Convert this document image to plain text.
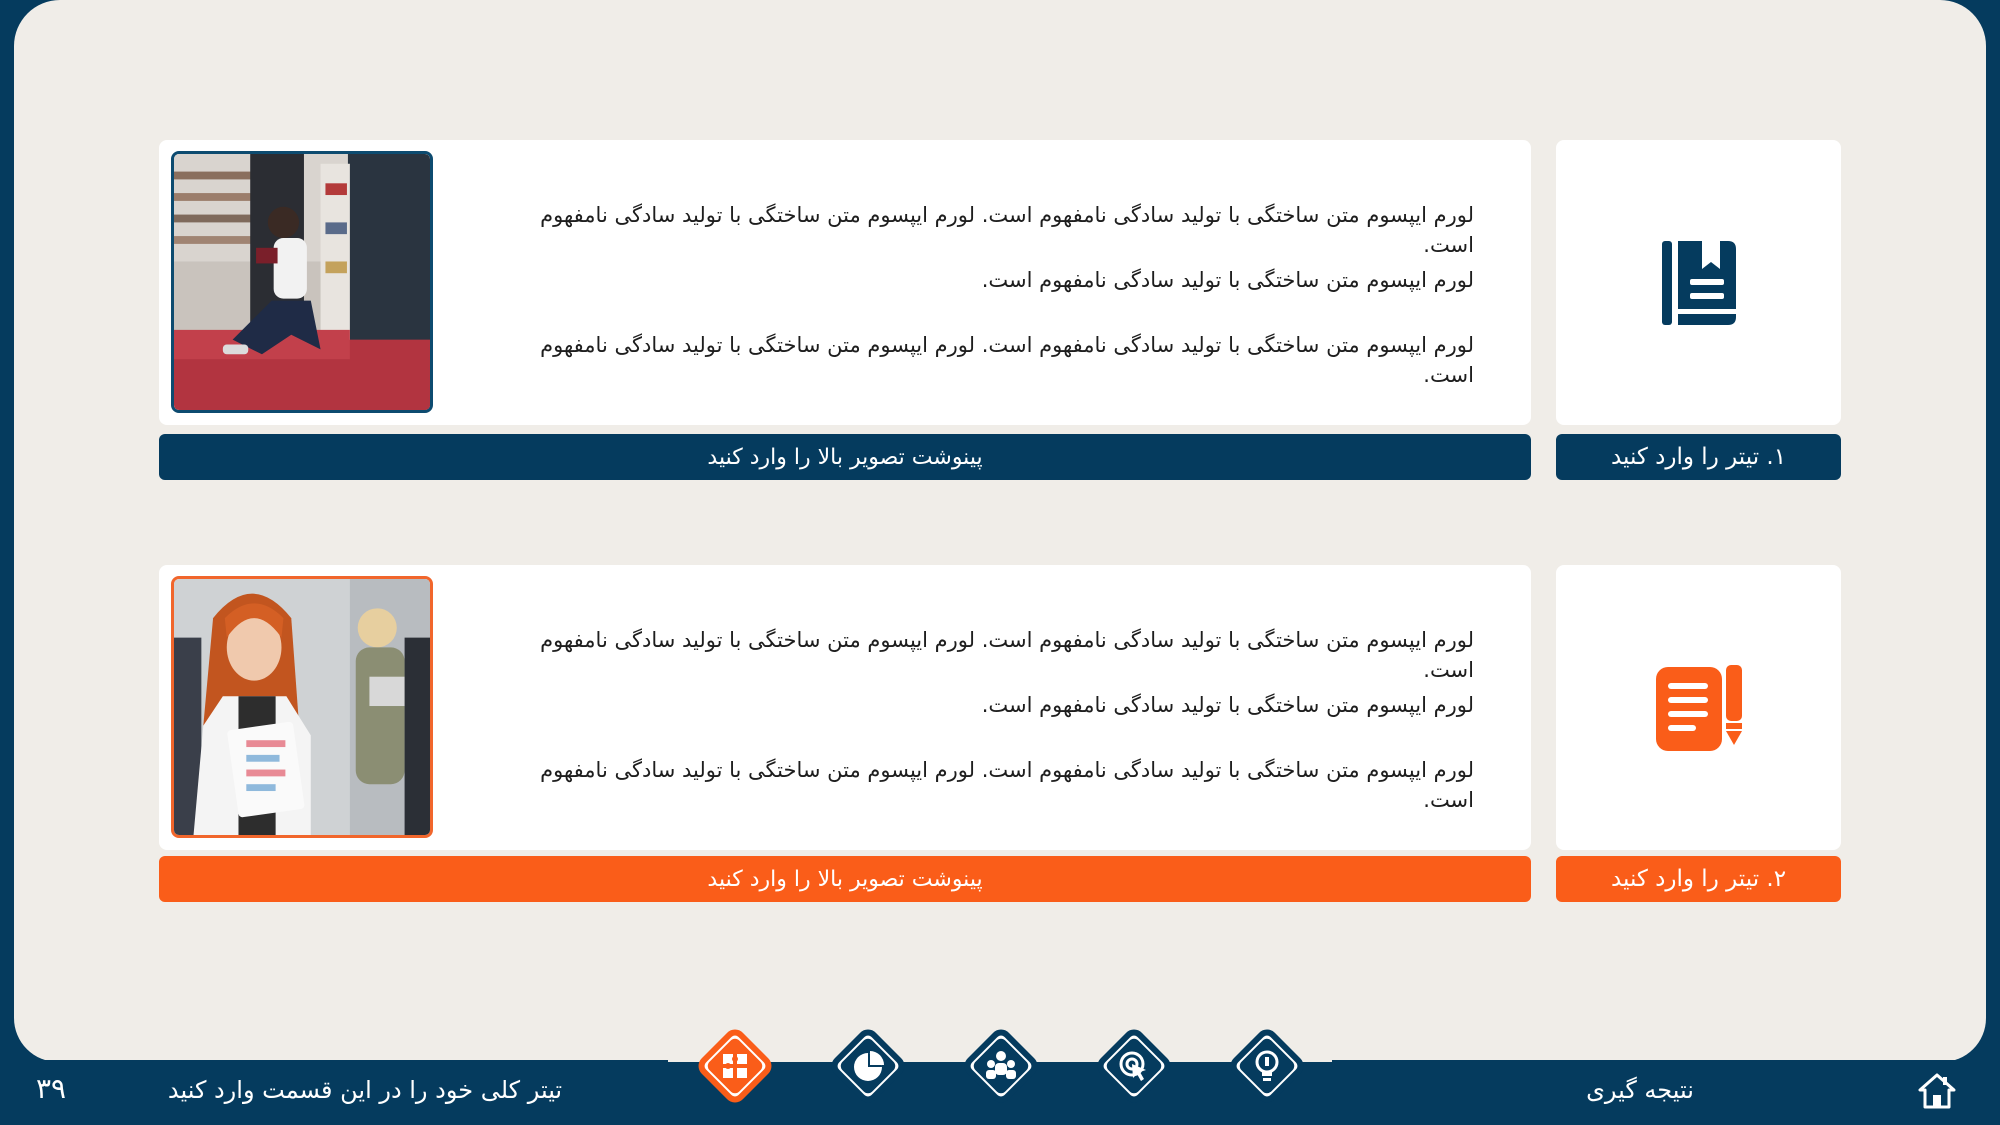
لورم ایپسوم متن ساختگی با تولید سادگی نامفهوم است. لورم ایپسوم متن ساختگی با تولید سادگی نامفهوم است.

لورم ایپسوم متن ساختگی با تولید سادگی نامفهوم است.

لورم ایپسوم متن ساختگی با تولید سادگی نامفهوم است. لورم ایپسوم متن ساختگی با تولید سادگی نامفهوم است.

پینوشت تصویر بالا را وارد کنید	۱. تیتر را وارد کنید

لورم ایپسوم متن ساختگی با تولید سادگی نامفهوم است. لورم ایپسوم متن ساختگی با تولید سادگی نامفهوم است.

لورم ایپسوم متن ساختگی با تولید سادگی نامفهوم است.

لورم ایپسوم متن ساختگی با تولید سادگی نامفهوم است. لورم ایپسوم متن ساختگی با تولید سادگی نامفهوم است.

پینوشت تصویر بالا را وارد کنید	۲. تیتر را وارد کنید
۳۹	تیتر کلی خود را در این قسمت وارد کنید	نتیجه گیری
